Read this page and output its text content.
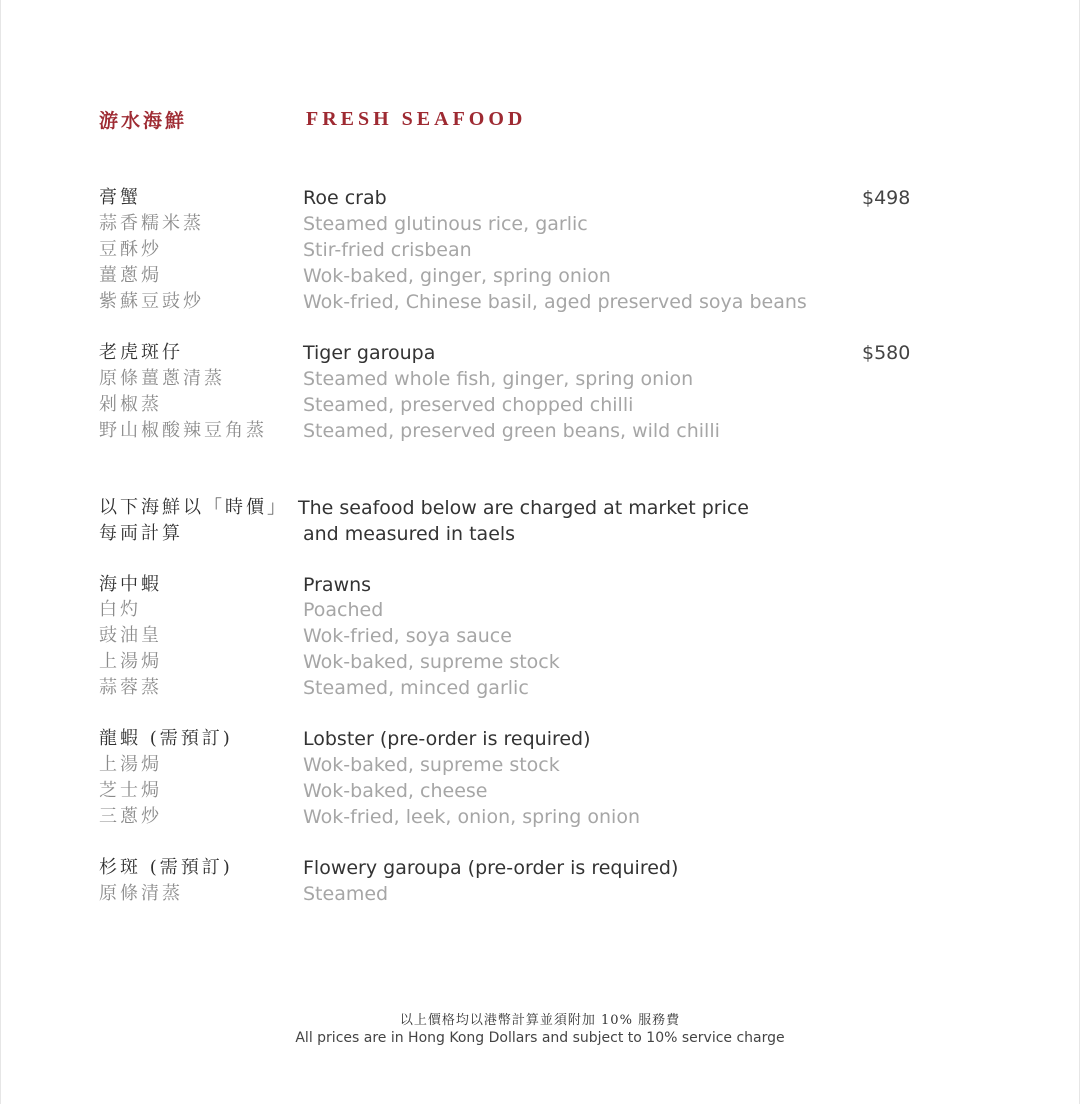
游水海鮮	FRESH SEAFOOD
膏蟹	Roe crab	$498
蒜香糯米蒸	Steamed glutinous rice, garlic
豆酥炒	Stir-fried crisbean
薑蔥焗	Wok-baked, ginger, spring onion
紫蘇豆豉炒	Wok-fried, Chinese basil, aged preserved soya beans
老虎斑仔	Tiger garoupa	$580
原條薑蔥清蒸	Steamed whole fish, ginger, spring onion
剁椒蒸	Steamed, preserved chopped chilli
野山椒酸辣豆角蒸 Steamed, preserved green beans, wild chilli
以下海鮮以「時價」 The seafood below are charged at market price
每両計算	and measured in taels
海中蝦	Prawns
白灼	Poached
豉油皇	Wok-fried, soya sauce
上湯焗	Wok-baked, supreme stock
蒜蓉蒸	Steamed, minced garlic
龍蝦 (需預訂)	Lobster (pre-order is required)
上湯焗	Wok-baked, supreme stock
芝士焗	Wok-baked, cheese
三蔥炒	Wok-fried, leek, onion, spring onion
杉斑 (需預訂)	Flowery garoupa (pre-order is required)
原條清蒸	Steamed
以上價格均以港幣計算並須附加 10% 服務費
All prices are in Hong Kong Dollars and subject to 10% service charge
